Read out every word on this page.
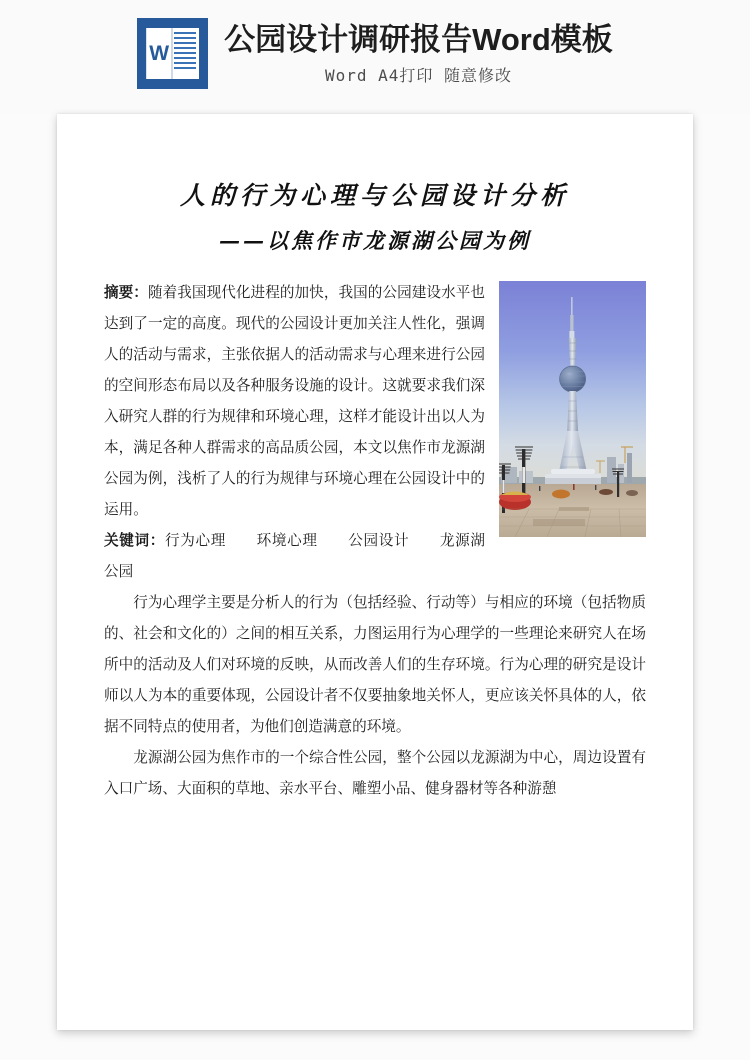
W 公园设计调研报告Word模板
Word A4打印 随意修改
人的行为心理与公园设计分析
——以焦作市龙源湖公园为例

摘要：随着我国现代化进程的加快，我国的公园建设水平也达到了一定的高度。现代的公园设计更加关注人性化，强调人的活动与需求，主张依据人的活动需求与心理来进行公园的空间形态布局以及各种服务设施的设计。这就要求我们深入研究人群的行为规律和环境心理，这样才能设计出以人为本，满足各种人群需求的高品质公园，本文以焦作市龙源湖公园为例，浅析了人的行为规律与环境心理在公园设计中的运用。

关键词：行为心理 环境心理 公园设计 龙源湖公园

行为心理学主要是分析人的行为（包括经验、行动等）与相应的环境（包括物质的、社会和文化的）之间的相互关系，力图运用行为心理学的一些理论来研究人在场所中的活动及人们对环境的反映，从而改善人们的生存环境。行为心理的研究是设计师以人为本的重要体现，公园设计者不仅要抽象地关怀人，更应该关怀具体的人，依据不同特点的使用者，为他们创造满意的环境。

龙源湖公园为焦作市的一个综合性公园，整个公园以龙源湖为中心，周边设置有入口广场、大面积的草地、亲水平台、雕塑小品、健身器材等各种游憩
